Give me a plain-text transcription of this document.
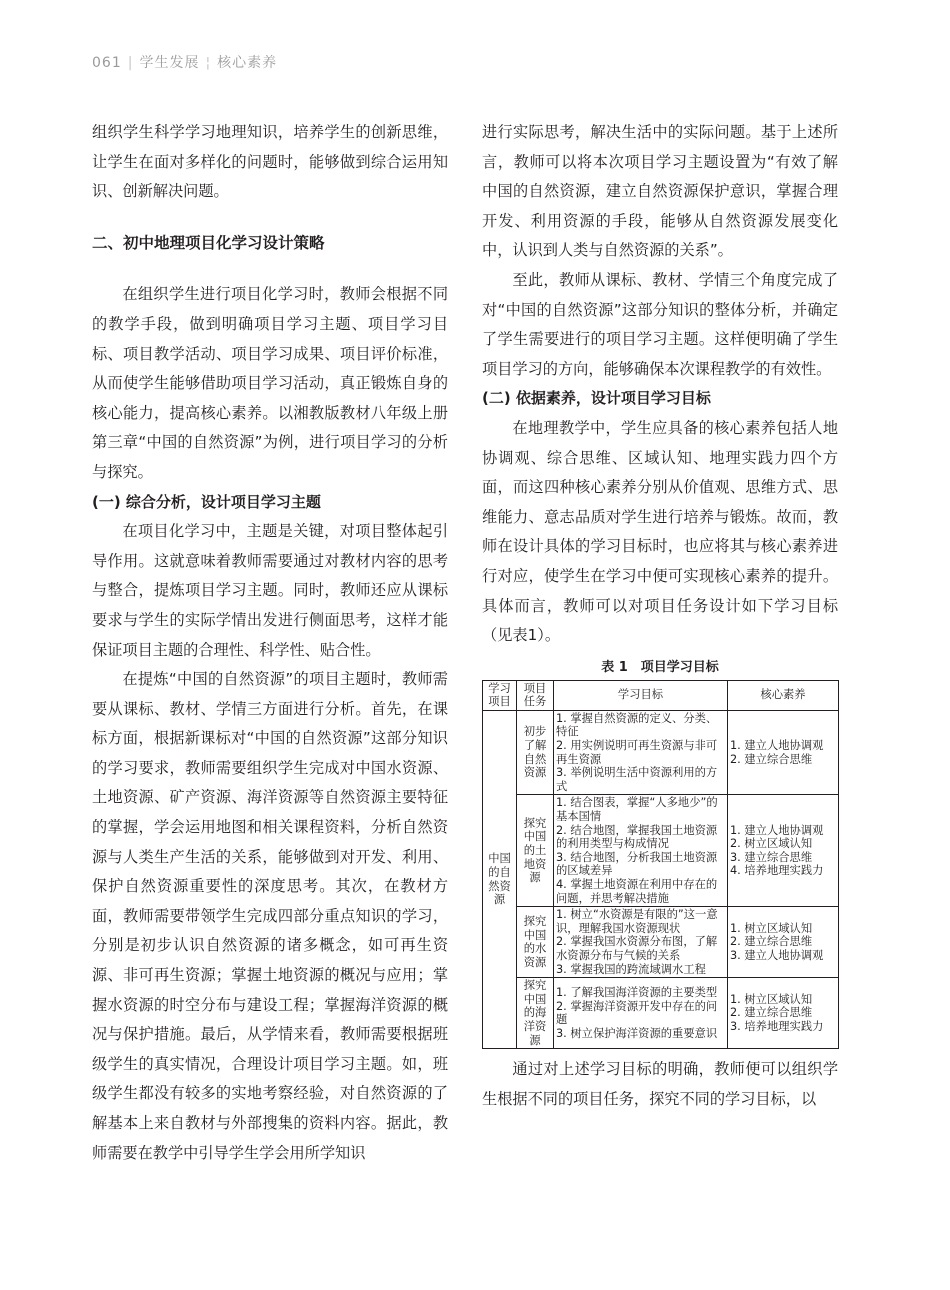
061 | 学生发展 ¦ 核心素养

组织学生科学学习地理知识，培养学生的创新思维，让学生在面对多样化的问题时，能够做到综合运用知识、创新解决问题。

二、初中地理项目化学习设计策略

在组织学生进行项目化学习时，教师会根据不同的教学手段，做到明确项目学习主题、项目学习目标、项目教学活动、项目学习成果、项目评价标准，从而使学生能够借助项目学习活动，真正锻炼自身的核心能力，提高核心素养。以湘教版教材八年级上册第三章“中国的自然资源”为例，进行项目学习的分析与探究。

(一) 综合分析，设计项目学习主题

在项目化学习中，主题是关键，对项目整体起引导作用。这就意味着教师需要通过对教材内容的思考与整合，提炼项目学习主题。同时，教师还应从课标要求与学生的实际学情出发进行侧面思考，这样才能保证项目主题的合理性、科学性、贴合性。

在提炼“中国的自然资源”的项目主题时，教师需要从课标、教材、学情三方面进行分析。首先，在课标方面，根据新课标对“中国的自然资源”这部分知识的学习要求，教师需要组织学生完成对中国水资源、土地资源、矿产资源、海洋资源等自然资源主要特征的掌握，学会运用地图和相关课程资料，分析自然资源与人类生产生活的关系，能够做到对开发、利用、保护自然资源重要性的深度思考。其次，在教材方面，教师需要带领学生完成四部分重点知识的学习，分别是初步认识自然资源的诸多概念，如可再生资源、非可再生资源；掌握土地资源的概况与应用；掌握水资源的时空分布与建设工程；掌握海洋资源的概况与保护措施。最后，从学情来看，教师需要根据班级学生的真实情况，合理设计项目学习主题。如，班级学生都没有较多的实地考察经验，对自然资源的了解基本上来自教材与外部搜集的资料内容。据此，教师需要在教学中引导学生学会用所学知识

进行实际思考，解决生活中的实际问题。基于上述所言，教师可以将本次项目学习主题设置为“有效了解中国的自然资源，建立自然资源保护意识，掌握合理开发、利用资源的手段，能够从自然资源发展变化中，认识到人类与自然资源的关系”。

至此，教师从课标、教材、学情三个角度完成了对“中国的自然资源”这部分知识的整体分析，并确定了学生需要进行的项目学习主题。这样便明确了学生项目学习的方向，能够确保本次课程教学的有效性。

(二) 依据素养，设计项目学习目标

在地理教学中，学生应具备的核心素养包括人地协调观、综合思维、区域认知、地理实践力四个方面，而这四种核心素养分别从价值观、思维方式、思维能力、意志品质对学生进行培养与锻炼。故而，教师在设计具体的学习目标时，也应将其与核心素养进行对应，使学生在学习中便可实现核心素养的提升。具体而言，教师可以对项目任务设计如下学习目标（见表1）。

表 1　项目学习目标
学习项目	项目任务	学习目标	核心素养
中国的自然资源	初步了解自然资源	1. 掌握自然资源的定义、分类、特征
2. 用实例说明可再生资源与非可再生资源
3. 举例说明生活中资源利用的方式	1. 建立人地协调观
2. 建立综合思维

	探究中国的土地资源	1. 结合图表，掌握“人多地少”的基本国情
2. 结合地图，掌握我国土地资源的利用类型与构成情况
3. 结合地图，分析我国土地资源的区域差异
4. 掌握土地资源在利用中存在的问题，并思考解决措施	1. 建立人地协调观
2. 树立区域认知
3. 建立综合思维
4. 培养地理实践力

	探究中国的水资源	1. 树立“水资源是有限的”这一意识，理解我国水资源现状
2. 掌握我国水资源分布图，了解水资源分布与气候的关系
3. 掌握我国的跨流域调水工程	1. 树立区域认知
2. 建立综合思维
3. 建立人地协调观

	探究中国的海洋资源	1. 了解我国海洋资源的主要类型
2. 掌握海洋资源开发中存在的问题
3. 树立保护海洋资源的重要意识	1. 树立区域认知
2. 建立综合思维
3. 培养地理实践力

通过对上述学习目标的明确，教师便可以组织学生根据不同的项目任务，探究不同的学习目标，以
